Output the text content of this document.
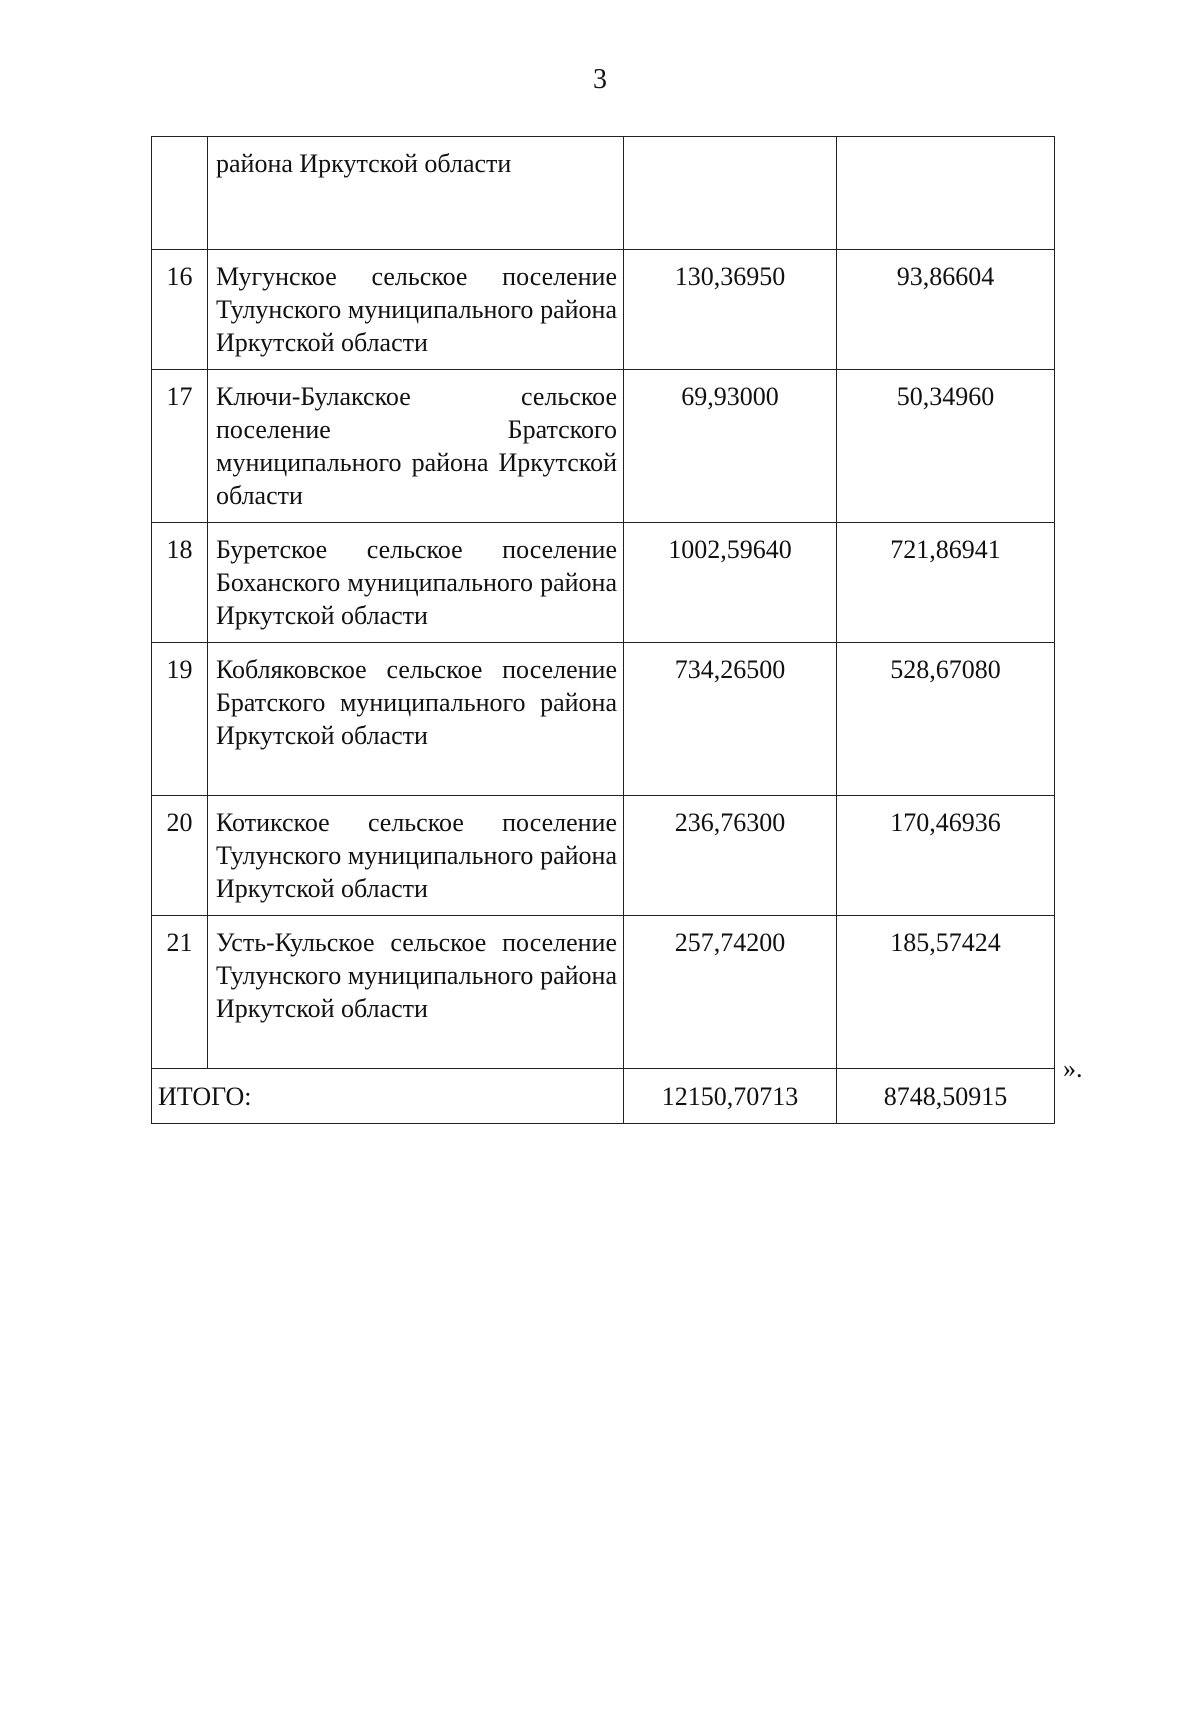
3
	района Иркутской области		
16	Мугунское сельское поселение Тулунского муниципального района Иркутской области	130,36950	93,86604
17	Ключи-Булакское сельское поселение Братского муниципального района Иркутской области	69,93000	50,34960
18	Буретское сельское поселение Боханского муниципального района Иркутской области	1002,59640	721,86941
19	Кобляковское сельское поселение Братского муниципального района Иркутской области	734,26500	528,67080
20	Котикское сельское поселение Тулунского муниципального района Иркутской области	236,76300	170,46936
21	Усть-Кульское сельское поселение Тулунского муниципального района Иркутской области	257,74200	185,57424
ИТОГО:		12150,70713	8748,50915
».
